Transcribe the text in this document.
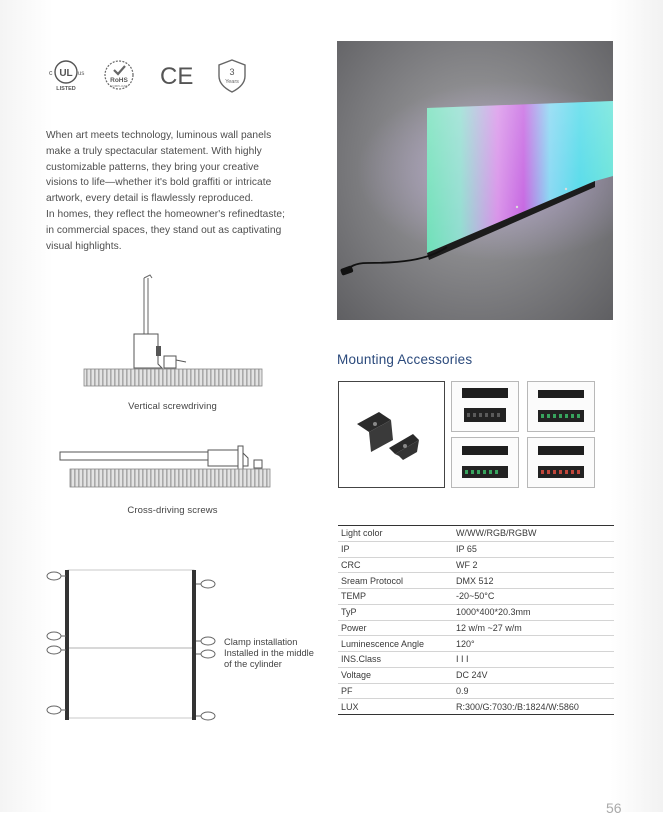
UL
c	us
LISTED
RoHS
COMPLIANT CE	3
Years

When art meets technology, luminous wall panels

make a truly spectacular statement. With highly

customizable patterns, they bring your creative

visions to life—whether it's bold graffiti or intricate

artwork, every detail is flawlessly reproduced.

In homes, they reflect the homeowner's refinedtaste;

in commercial spaces, they stand out as captivating

visual highlights.

Vertical screwdriving
Cross-driving screws
Clamp installation
Installed in the middle
of the cylinder
Mounting Accessories
Light color	W/WW/RGB/RGBW
IP	IP 65
CRC	WF 2
Sream Protocol	DMX 512
TEMP	-20~50°C
TyP	1000*400*20.3mm
Power	12 w/m ~27 w/m
Luminescence Angle	120°
INS.Class	I I I
Voltage	DC 24V
PF	0.9
LUX	R:300/G:7030:/B:1824/W:5860
56
